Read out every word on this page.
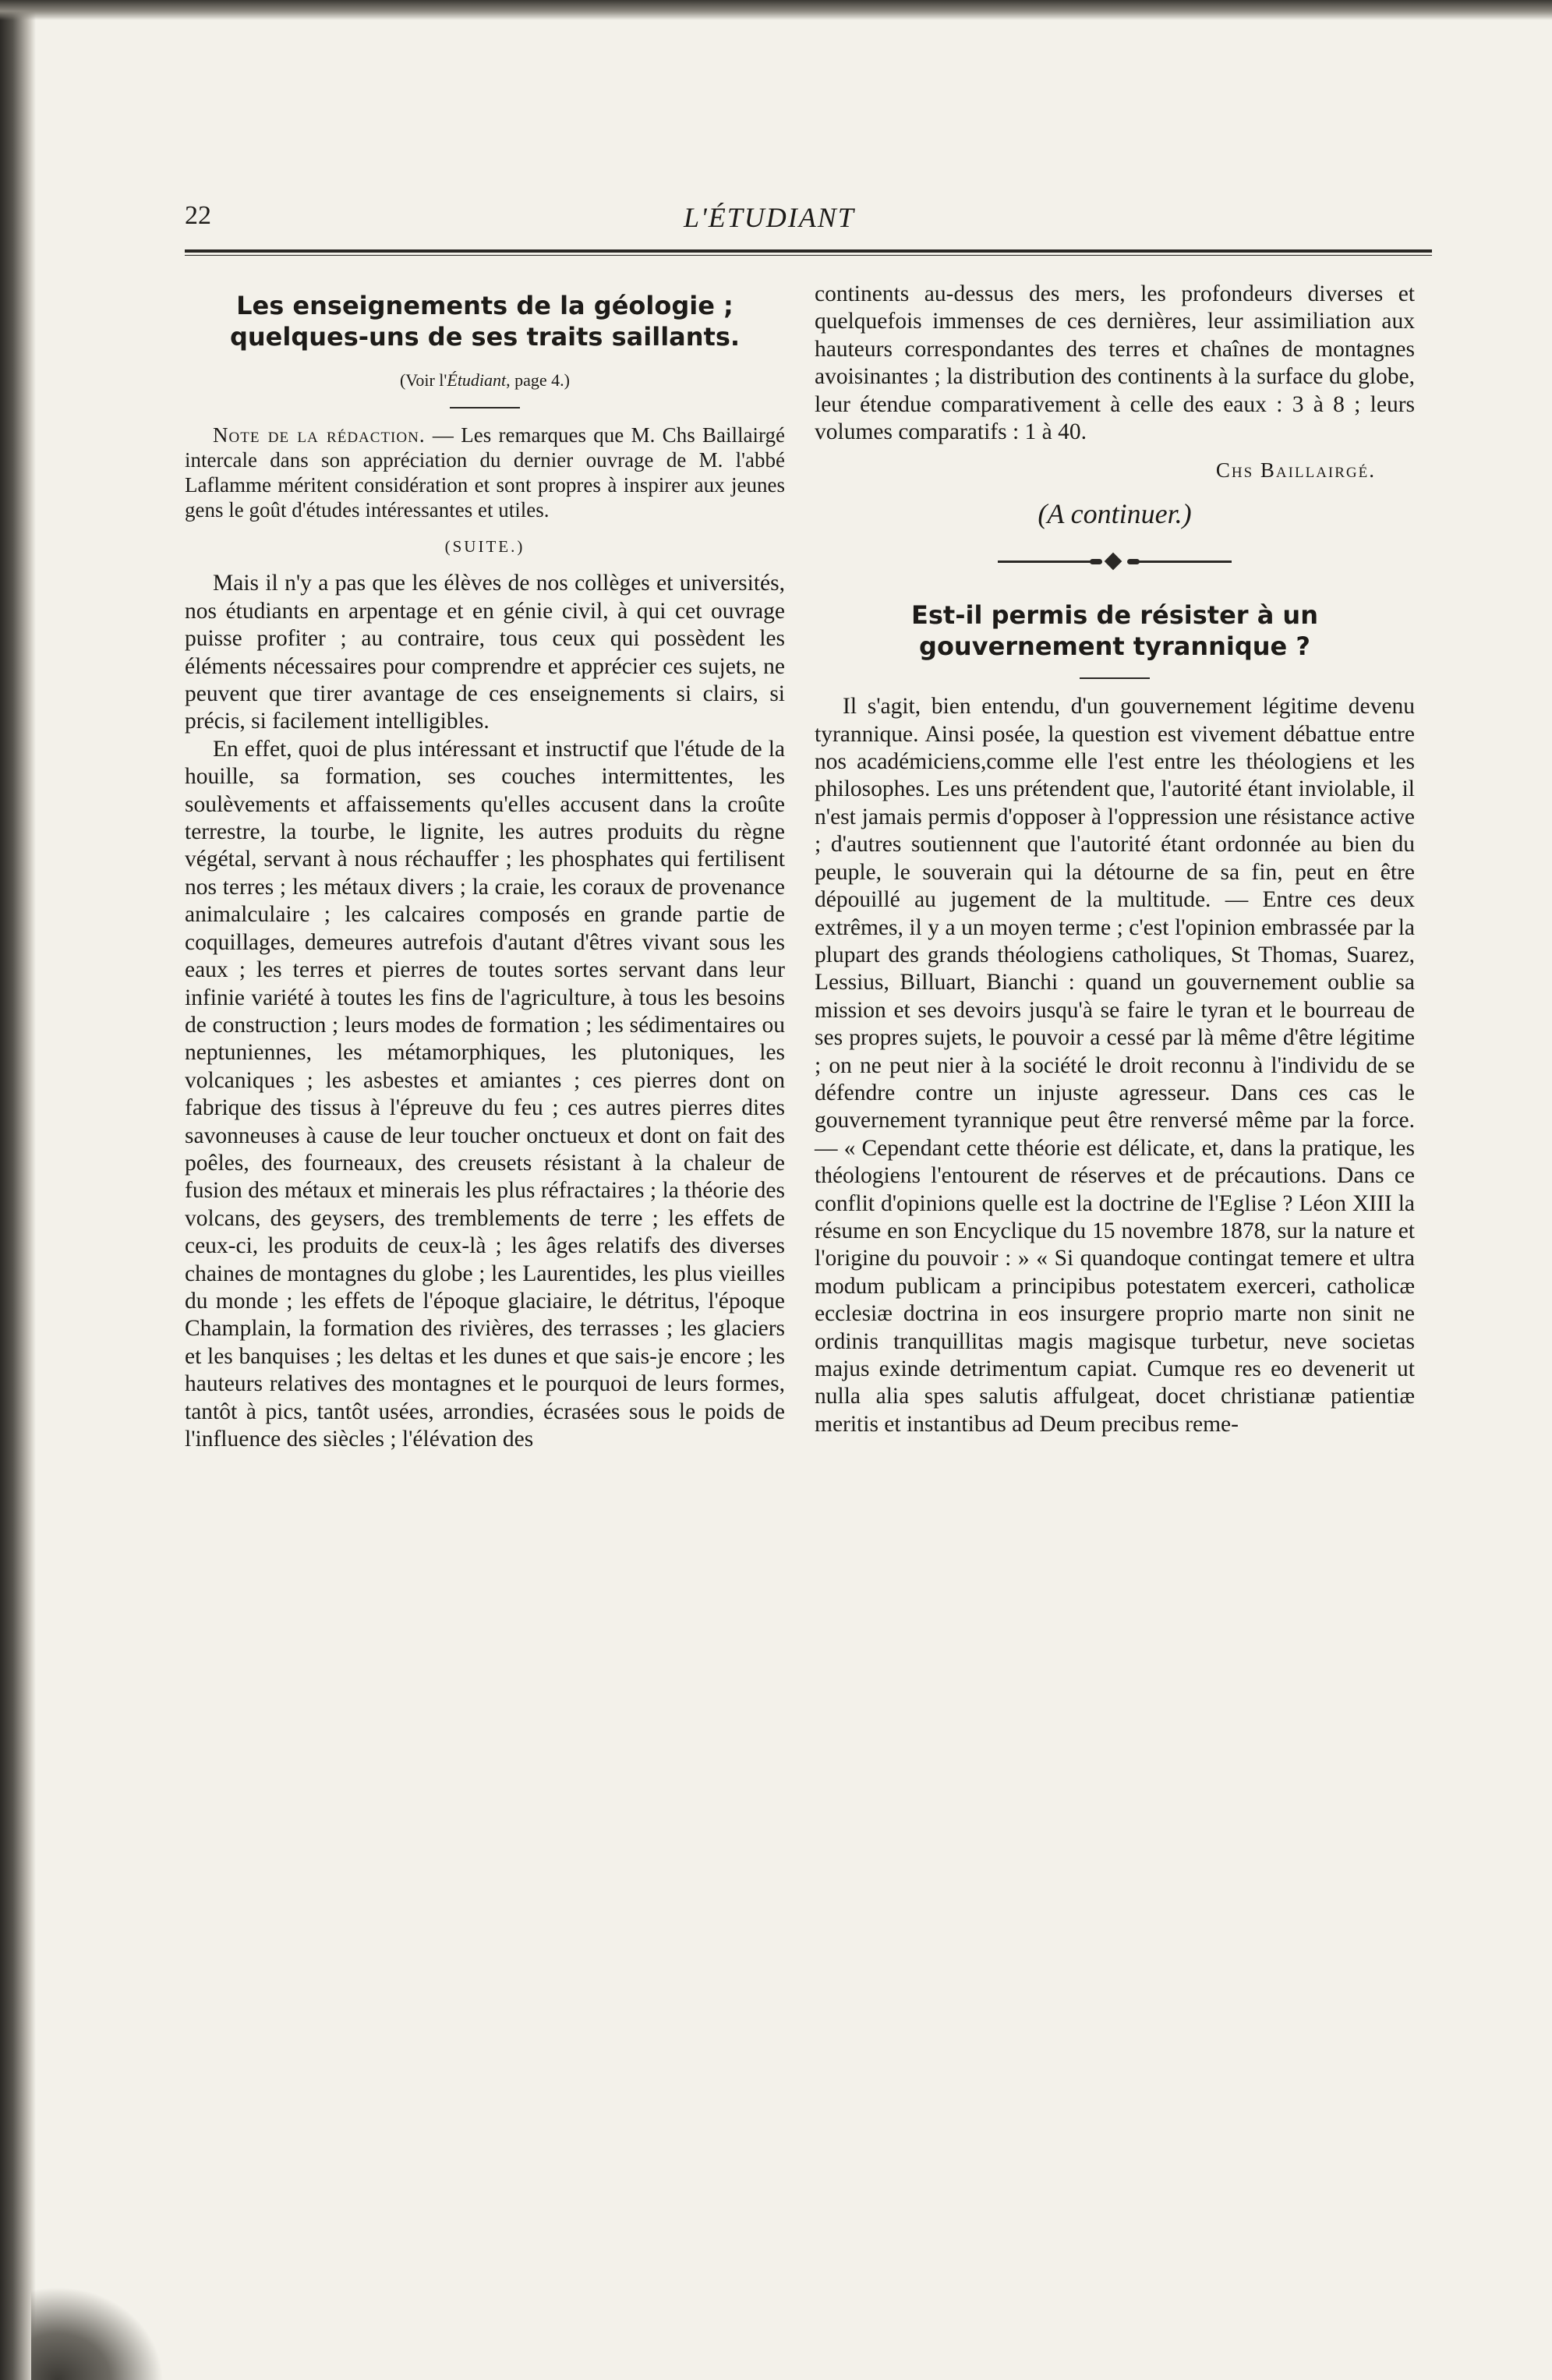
22	L'ÉTUDIANT
Les enseignements de la géologie ; quelques-uns de ses traits saillants.
(Voir l'Étudiant, page 4.)

Note de la rédaction. — Les remarques que M. Chs Baillairgé intercale dans son appréciation du dernier ouvrage de M. l'abbé Laflamme méritent considération et sont propres à inspirer aux jeunes gens le goût d'études intéressantes et utiles.

(SUITE.)

Mais il n'y a pas que les élèves de nos collèges et universités, nos étudiants en arpentage et en génie civil, à qui cet ouvrage puisse profiter ; au contraire, tous ceux qui possèdent les éléments nécessaires pour comprendre et apprécier ces sujets, ne peuvent que tirer avantage de ces enseignements si clairs, si précis, si facilement intelligibles.

En effet, quoi de plus intéressant et instructif que l'étude de la houille, sa formation, ses couches intermittentes, les soulèvements et affaissements qu'elles accusent dans la croûte terrestre, la tourbe, le lignite, les autres produits du règne végétal, servant à nous réchauffer ; les phosphates qui fertilisent nos terres ; les métaux divers ; la craie, les coraux de provenance animalculaire ; les calcaires composés en grande partie de coquillages, demeures autrefois d'autant d'êtres vivant sous les eaux ; les terres et pierres de toutes sortes servant dans leur infinie variété à toutes les fins de l'agriculture, à tous les besoins de construction ; leurs modes de formation ; les sédimentaires ou neptuniennes, les métamorphiques, les plutoniques, les volcaniques ; les asbestes et amiantes ; ces pierres dont on fabrique des tissus à l'épreuve du feu ; ces autres pierres dites savonneuses à cause de leur toucher onctueux et dont on fait des poêles, des fourneaux, des creusets résistant à la chaleur de fusion des métaux et minerais les plus réfractaires ; la théorie des volcans, des geysers, des tremblements de terre ; les effets de ceux-ci, les produits de ceux-là ; les âges relatifs des diverses chaines de montagnes du globe ; les Laurentides, les plus vieilles du monde ; les effets de l'époque glaciaire, le détritus, l'époque Champlain, la formation des rivières, des terrasses ; les glaciers et les banquises ; les deltas et les dunes et que sais-je encore ; les hauteurs relatives des montagnes et le pourquoi de leurs formes, tantôt à pics, tantôt usées, arrondies, écrasées sous le poids de l'influence des siècles ; l'élévation des

continents au-dessus des mers, les profondeurs diverses et quelquefois immenses de ces dernières, leur assimiliation aux hauteurs correspondantes des terres et chaînes de montagnes avoisinantes ; la distribution des continents à la surface du globe, leur étendue comparativement à celle des eaux : 3 à 8 ; leurs volumes comparatifs : 1 à 40.

Chs Baillairgé.
(A continuer.)
Est-il permis de résister à un gouvernement tyrannique ?

Il s'agit, bien entendu, d'un gouvernement légitime devenu tyrannique. Ainsi posée, la question est vivement débattue entre nos académiciens,comme elle l'est entre les théologiens et les philosophes. Les uns prétendent que, l'autorité étant inviolable, il n'est jamais permis d'opposer à l'oppression une résistance active ; d'autres soutiennent que l'autorité étant ordonnée au bien du peuple, le souverain qui la détourne de sa fin, peut en être dépouillé au jugement de la multitude. — Entre ces deux extrêmes, il y a un moyen terme ; c'est l'opinion embrassée par la plupart des grands théologiens catholiques, St Thomas, Suarez, Lessius, Billuart, Bianchi : quand un gouvernement oublie sa mission et ses devoirs jusqu'à se faire le tyran et le bourreau de ses propres sujets, le pouvoir a cessé par là même d'être légitime ; on ne peut nier à la société le droit reconnu à l'individu de se défendre contre un injuste agresseur. Dans ces cas le gouvernement tyrannique peut être renversé même par la force.— « Cependant cette théorie est délicate, et, dans la pratique, les théologiens l'entourent de réserves et de précautions. Dans ce conflit d'opinions quelle est la doctrine de l'Eglise ? Léon XIII la résume en son Encyclique du 15 novembre 1878, sur la nature et l'origine du pouvoir : » « Si quandoque contingat temere et ultra modum publicam a principibus potestatem exerceri, catholicæ ecclesiæ doctrina in eos insurgere proprio marte non sinit ne ordinis tranquillitas magis magisque turbetur, neve societas majus exinde detrimentum capiat. Cumque res eo devenerit ut nulla alia spes salutis affulgeat, docet christianæ patientiæ meritis et instantibus ad Deum precibus reme-
